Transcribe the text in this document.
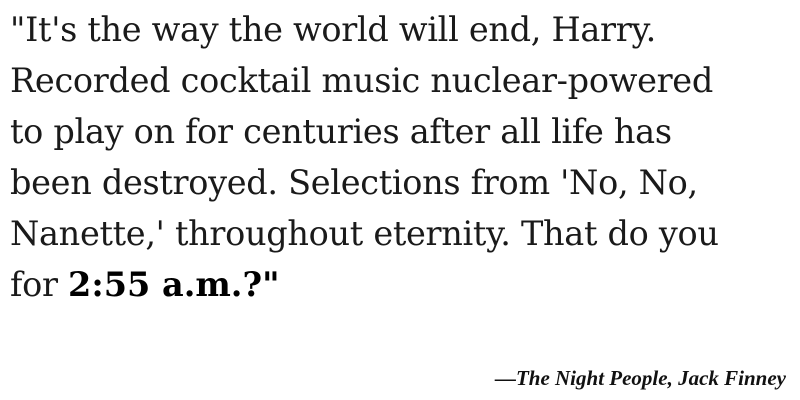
"It's the way the world will end, Harry.
Recorded cocktail music nuclear-powered
to play on for centuries after all life has
been destroyed. Selections from 'No, No,
Nanette,' throughout eternity. That do you
for 2:55 a.m.?"
—The Night People, Jack Finney
